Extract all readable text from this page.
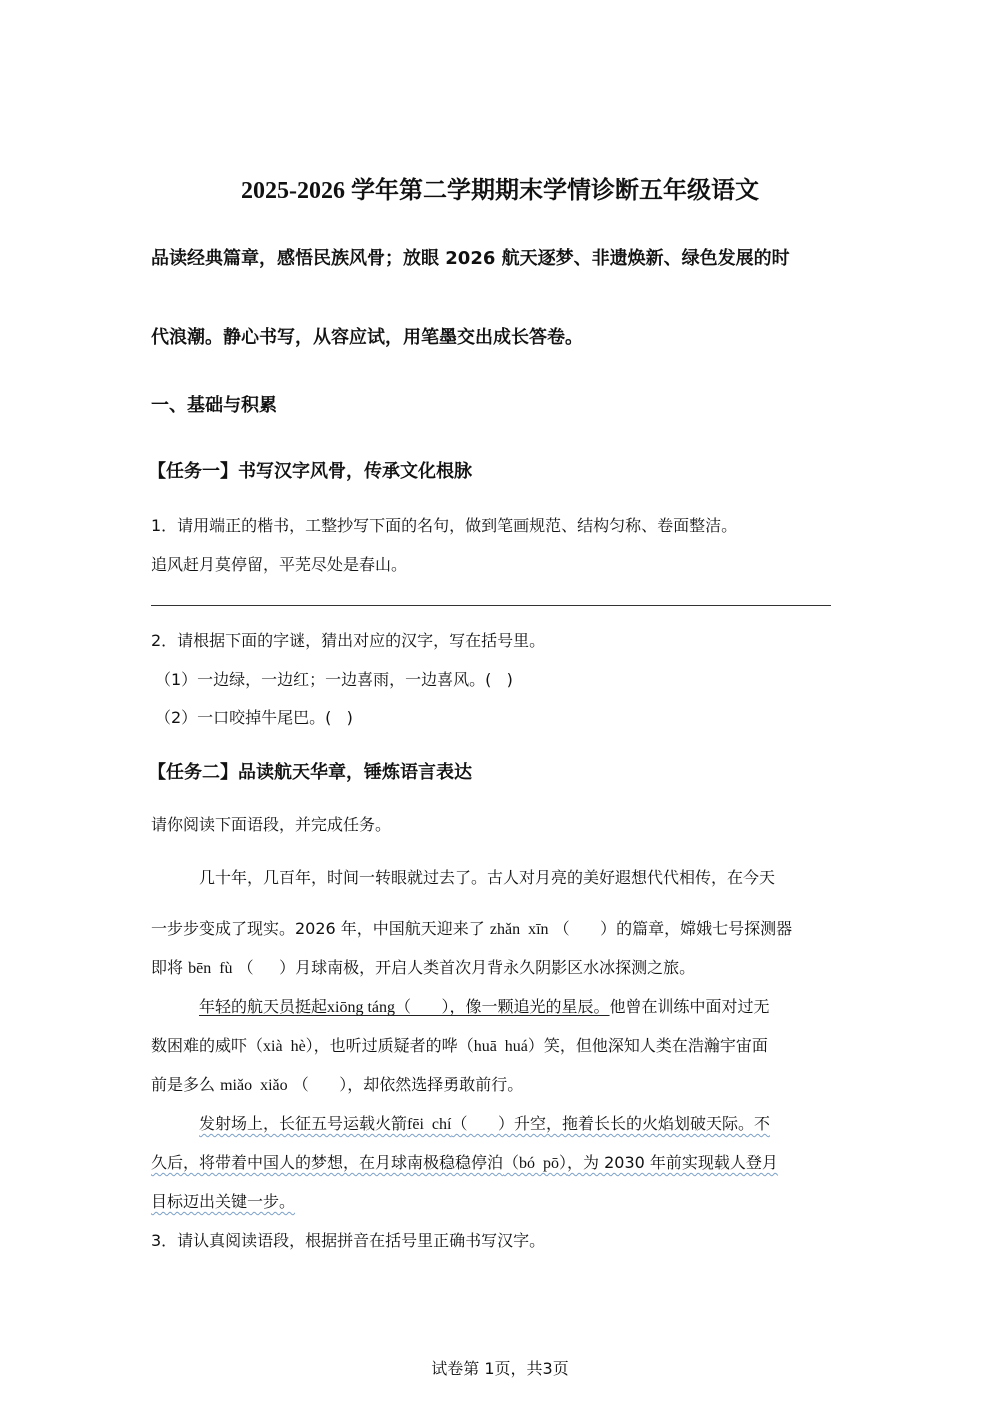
2025-2026 学年第二学期期末学情诊断五年级语文
品读经典篇章，感悟民族风骨；放眼 2026 航天逐梦、非遗焕新、绿色发展的时
代浪潮。静心书写，从容应试，用笔墨交出成长答卷。
一、基础与积累
【任务一】书写汉字风骨，传承文化根脉
1．请用端正的楷书，工整抄写下面的名句，做到笔画规范、结构匀称、卷面整洁。
追风赶月莫停留，平芜尽处是春山。
2．请根据下面的字谜，猜出对应的汉字，写在括号里。
（1）一边绿，一边红；一边喜雨，一边喜风。(   )
（2）一口咬掉牛尾巴。(   )
【任务二】品读航天华章，锤炼语言表达
请你阅读下面语段，并完成任务。
几十年，几百年，时间一转眼就过去了。古人对月亮的美好遐想代代相传，在今天
一步步变成了现实。2026 年，中国航天迎来了 zhǎn  xīn （      ）的篇章，嫦娥七号探测器
即将 bēn  fù （     ）月球南极，开启人类首次月背永久阴影区水冰探测之旅。
年轻的航天员挺起xiōng táng（      ），像一颗追光的星辰。他曾在训练中面对过无
数困难的威吓（xià  hè），也听过质疑者的哗（huā  huá）笑，但他深知人类在浩瀚宇宙面
前是多么 miǎo  xiǎo （      ），却依然选择勇敢前行。
发射场上，长征五号运载火箭fēi  chí（      ）升空，拖着长长的火焰划破天际。不
久后，将带着中国人的梦想，在月球南极稳稳停泊（bó  pō），为 2030 年前实现载人登月
目标迈出关键一步。
3．请认真阅读语段，根据拼音在括号里正确书写汉字。
试卷第 1页，共3页
